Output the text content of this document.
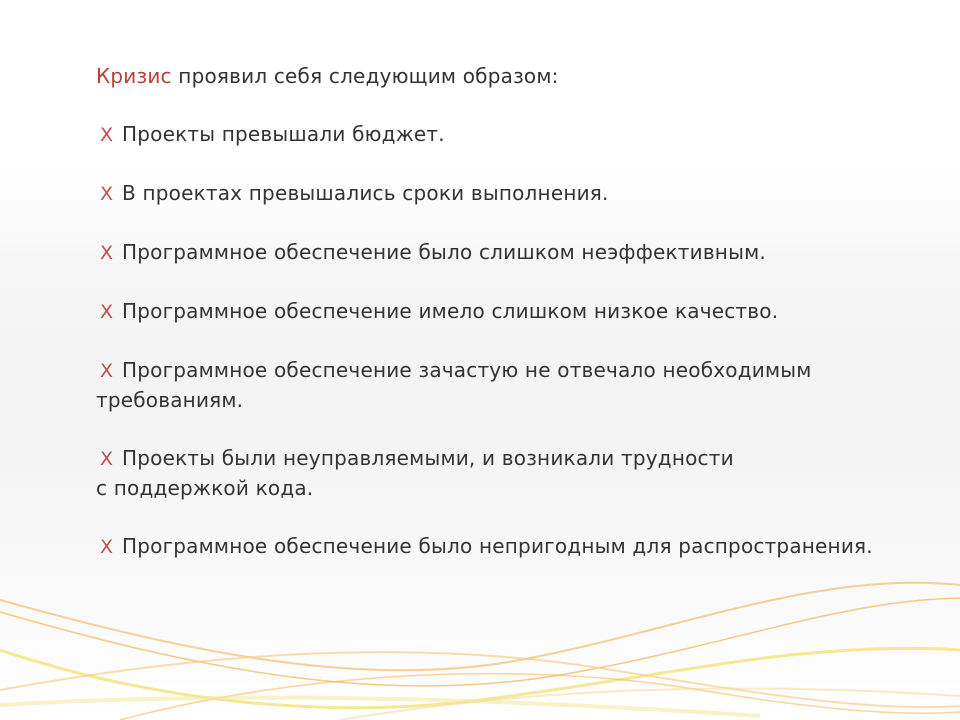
Кризис проявил себя следующим образом:
X Проекты превышали бюджет.
X В проектах превышались сроки выполнения.
X Программное обеспечение было слишком неэффективным.
X Программное обеспечение имело слишком низкое качество.
X Программное обеспечение зачастую не отвечало необходимым
требованиям.
X Проекты были неуправляемыми, и возникали трудности
с поддержкой кода.
X Программное обеспечение было непригодным для распространения.
